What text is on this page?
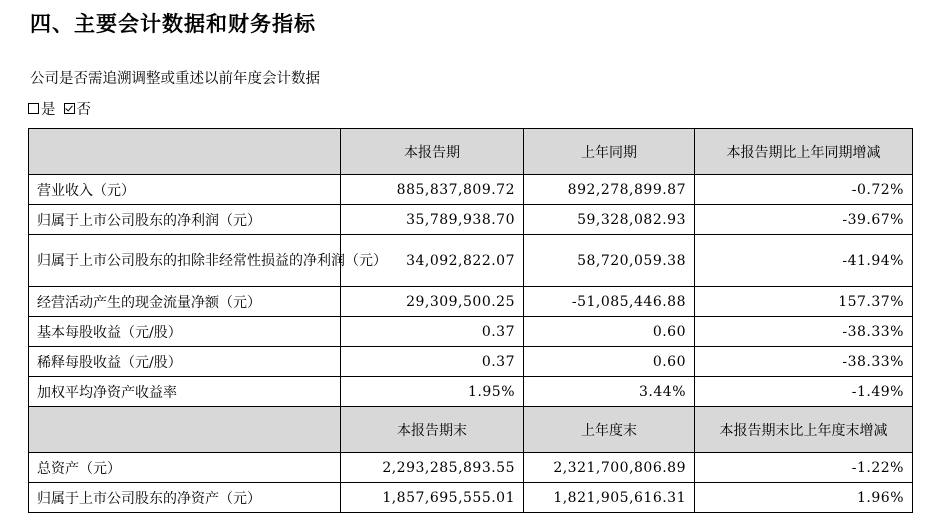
四、主要会计数据和财务指标
公司是否需追溯调整或重述以前年度会计数据
是 否
	本报告期	上年同期	本报告期比上年同期增减
营业收入（元）	885,837,809.72	892,278,899.87	-0.72%
归属于上市公司股东的净利润（元）	35,789,938.70	59,328,082.93	-39.67%
归属于上市公司股东的扣除非经常性损益的净利润（元）	34,092,822.07	58,720,059.38	-41.94%
经营活动产生的现金流量净额（元）	29,309,500.25	-51,085,446.88	157.37%
基本每股收益（元/股）	0.37	0.60	-38.33%
稀释每股收益（元/股）	0.37	0.60	-38.33%
加权平均净资产收益率	1.95%	3.44%	-1.49%
	本报告期末	上年度末	本报告期末比上年度末增减
总资产（元）	2,293,285,893.55	2,321,700,806.89	-1.22%
归属于上市公司股东的净资产（元）	1,857,695,555.01	1,821,905,616.31	1.96%
